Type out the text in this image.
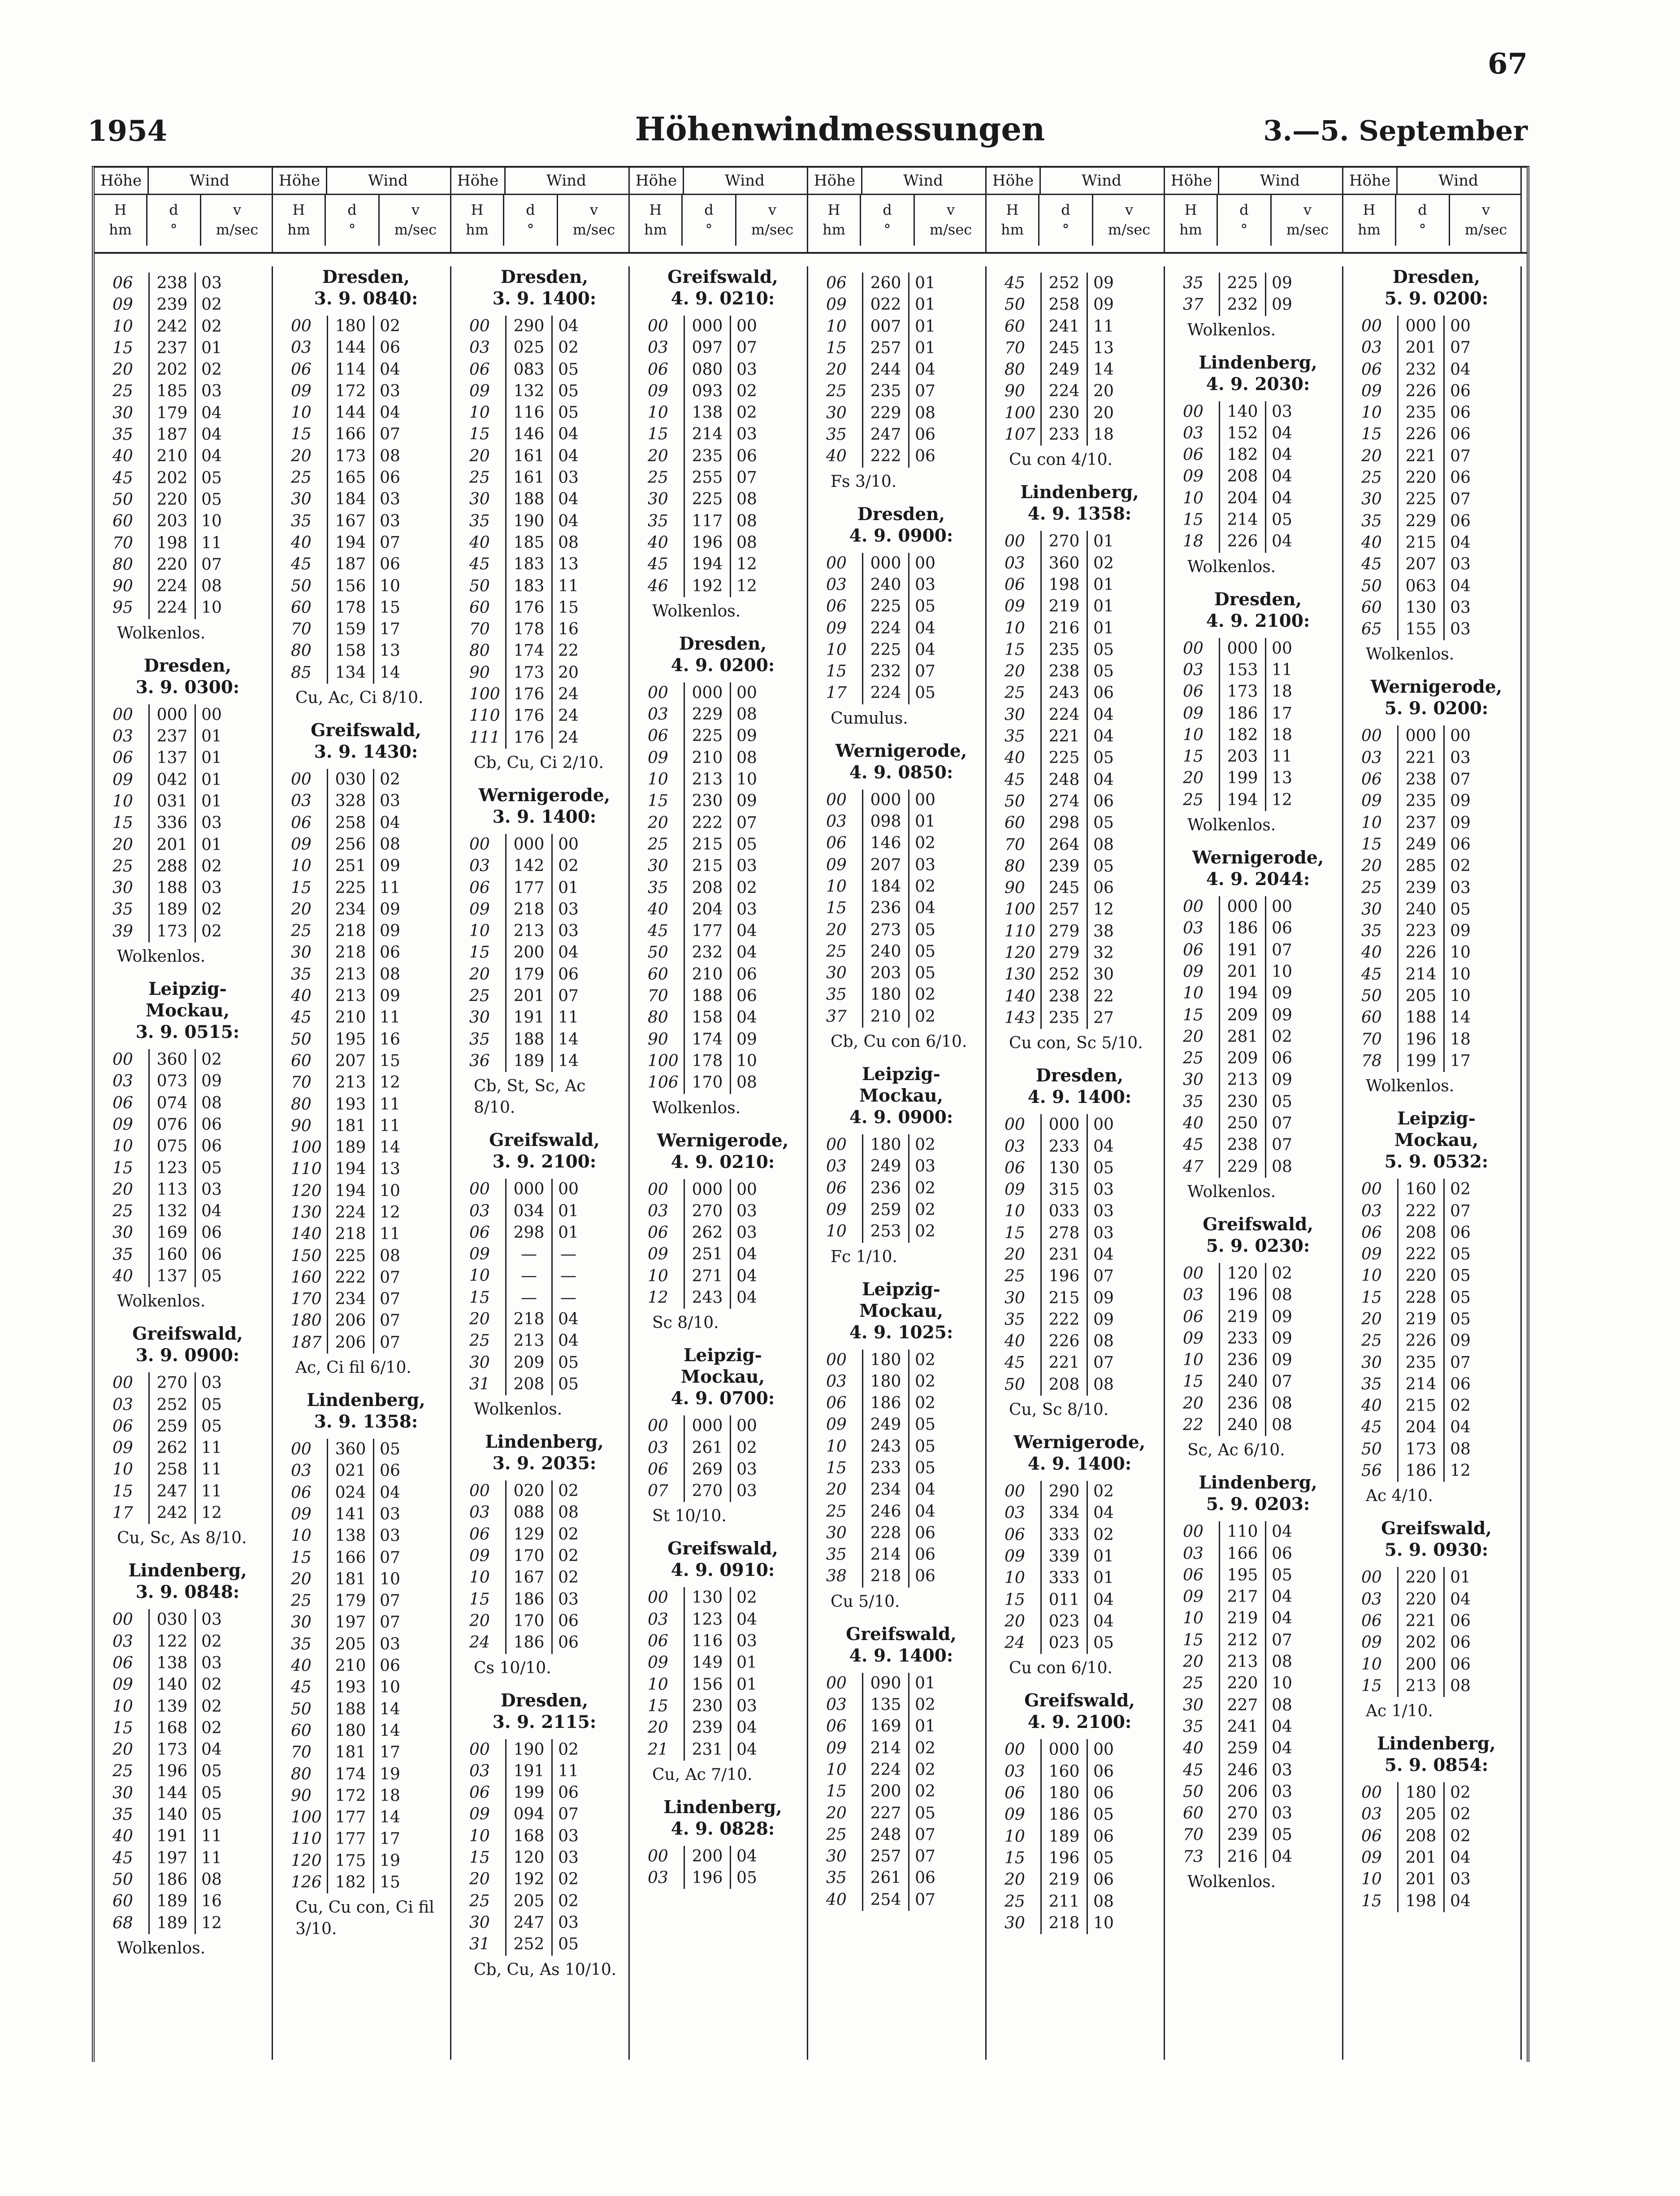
67
1954	Höhenwindmessungen	3.—5. September
Höhe	Wind
H
hm
d
°
v
m/sec
06	238 03
09	239 02
10	242 02
15	237 01
20	202 02
25	185 03
30	179 04
35	187 04
40	210 04
45	202 05
50	220 05
60	203 10
70	198 11
80	220 07
90	224 08
95	224 10
Wolkenlos.
Dresden,
3. 9. 0300:
00	000 00
03	237 01
06	137 01
09	042 01
10	031 01
15	336 03
20	201 01
25	288 02
30	188 03
35	189 02
39	173 02
Wolkenlos.
Leipzig-Mockau,
3. 9. 0515:
00	360 02
03	073 09
06	074 08
09	076 06
10	075 06
15	123 05
20	113 03
25	132 04
30	169 06
35	160 06
40	137 05
Wolkenlos.
Greifswald,
3. 9. 0900:
00	270 03
03	252 05
06	259 05
09	262 11
10	258 11
15	247 11
17	242 12
Cu, Sc, As 8/10.
Lindenberg,
3. 9. 0848:
00	030 03
03	122 02
06	138 03
09	140 02
10	139 02
15	168 02
20	173 04
25	196 05
30	144 05
35	140 05
40	191 11
45	197 11
50	186 08
60	189 16
68	189 12
Wolkenlos.
Höhe	Wind
H
hm
d
°
v
m/sec
Dresden,
3. 9. 0840:
00	180 02
03	144 06
06	114 04
09	172 03
10	144 04
15	166 07
20	173 08
25	165 06
30	184 03
35	167 03
40	194 07
45	187 06
50	156 10
60	178 15
70	159 17
80	158 13
85	134 14
Cu, Ac, Ci 8/10.
Greifswald,
3. 9. 1430:
00	030 02
03	328 03
06	258 04
09	256 08
10	251 09
15	225 11
20	234 09
25	218 09
30	218 06
35	213 08
40	213 09
45	210 11
50	195 16
60	207 15
70	213 12
80	193 11
90	181 11
100 189 14
110 194 13
120 194 10
130 224 12
140 218 11
150 225 08
160 222 07
170 234 07
180 206 07
187 206 07
Ac, Ci fil 6/10.
Lindenberg,
3. 9. 1358:
00	360 05
03	021 06
06	024 04
09	141 03
10	138 03
15	166 07
20	181 10
25	179 07
30	197 07
35	205 03
40	210 06
45	193 10
50	188 14
60	180 14
70	181 17
80	174 19
90	172 18
100 177 14
110 177 17
120 175 19
126 182 15
Cu, Cu con, Ci fil 3/10.
Höhe	Wind
H
hm
d
°
v
m/sec
Dresden,
3. 9. 1400:
00	290 04
03	025 02
06	083 05
09	132 05
10	116 05
15	146 04
20	161 04
25	161 03
30	188 04
35	190 04
40	185 08
45	183 13
50	183 11
60	176 15
70	178 16
80	174 22
90	173 20
100 176 24
110 176 24
111 176 24
Cb, Cu, Ci 2/10.
Wernigerode,
3. 9. 1400:
00	000 00
03	142 02
06	177 01
09	218 03
10	213 03
15	200 04
20	179 06
25	201 07
30	191 11
35	188 14
36	189 14
Cb, St, Sc, Ac 8/10.
Greifswald,
3. 9. 2100:
00	000 00
03	034 01
06	298 01
09	—	—
10	—	—
15	—	—
20	218 04
25	213 04
30	209 05
31	208 05
Wolkenlos.
Lindenberg,
3. 9. 2035:
00	020 02
03	088 08
06	129 02
09	170 02
10	167 02
15	186 03
20	170 06
24	186 06
Cs 10/10.
Dresden,
3. 9. 2115:
00	190 02
03	191 11
06	199 06
09	094 07
10	168 03
15	120 03
20	192 02
25	205 02
30	247 03
31	252 05
Cb, Cu, As 10/10.
Höhe	Wind
H
hm
d
°
v
m/sec
Greifswald,
4. 9. 0210:
00	000 00
03	097 07
06	080 03
09	093 02
10	138 02
15	214 03
20	235 06
25	255 07
30	225 08
35	117 08
40	196 08
45	194 12
46	192 12
Wolkenlos.
Dresden,
4. 9. 0200:
00	000 00
03	229 08
06	225 09
09	210 08
10	213 10
15	230 09
20	222 07
25	215 05
30	215 03
35	208 02
40	204 03
45	177 04
50	232 04
60	210 06
70	188 06
80	158 04
90	174 09
100 178 10
106 170 08
Wolkenlos.
Wernigerode,
4. 9. 0210:
00	000 00
03	270 03
06	262 03
09	251 04
10	271 04
12	243 04
Sc 8/10.
Leipzig-Mockau,
4. 9. 0700:
00	000 00
03	261 02
06	269 03
07	270 03
St 10/10.
Greifswald,
4. 9. 0910:
00	130 02
03	123 04
06	116 03
09	149 01
10	156 01
15	230 03
20	239 04
21	231 04
Cu, Ac 7/10.
Lindenberg,
4. 9. 0828:
00	200 04
03	196 05
Höhe	Wind
H
hm
d
°
v
m/sec
06	260 01
09	022 01
10	007 01
15	257 01
20	244 04
25	235 07
30	229 08
35	247 06
40	222 06
Fs 3/10.
Dresden,
4. 9. 0900:
00	000 00
03	240 03
06	225 05
09	224 04
10	225 04
15	232 07
17	224 05
Cumulus.
Wernigerode,
4. 9. 0850:
00	000 00
03	098 01
06	146 02
09	207 03
10	184 02
15	236 04
20	273 05
25	240 05
30	203 05
35	180 02
37	210 02
Cb, Cu con 6/10.
Leipzig-Mockau,
4. 9. 0900:
00	180 02
03	249 03
06	236 02
09	259 02
10	253 02
Fc 1/10.
Leipzig-Mockau,
4. 9. 1025:
00	180 02
03	180 02
06	186 02
09	249 05
10	243 05
15	233 05
20	234 04
25	246 04
30	228 06
35	214 06
38	218 06
Cu 5/10.
Greifswald,
4. 9. 1400:
00	090 01
03	135 02
06	169 01
09	214 02
10	224 02
15	200 02
20	227 05
25	248 07
30	257 07
35	261 06
40	254 07
Höhe	Wind
H
hm
d
°
v
m/sec
45	252 09
50	258 09
60	241 11
70	245 13
80	249 14
90	224 20
100 230 20
107 233 18
Cu con 4/10.
Lindenberg,
4. 9. 1358:
00	270 01
03	360 02
06	198 01
09	219 01
10	216 01
15	235 05
20	238 05
25	243 06
30	224 04
35	221 04
40	225 05
45	248 04
50	274 06
60	298 05
70	264 08
80	239 05
90	245 06
100 257 12
110 279 38
120 279 32
130 252 30
140 238 22
143 235 27
Cu con, Sc 5/10.
Dresden,
4. 9. 1400:
00	000 00
03	233 04
06	130 05
09	315 03
10	033 03
15	278 03
20	231 04
25	196 07
30	215 09
35	222 09
40	226 08
45	221 07
50	208 08
Cu, Sc 8/10.
Wernigerode,
4. 9. 1400:
00	290 02
03	334 04
06	333 02
09	339 01
10	333 01
15	011 04
20	023 04
24	023 05
Cu con 6/10.
Greifswald,
4. 9. 2100:
00	000 00
03	160 06
06	180 06
09	186 05
10	189 06
15	196 05
20	219 06
25	211 08
30	218 10
Höhe	Wind
H
hm
d
°
v
m/sec
35	225 09
37	232 09
Wolkenlos.
Lindenberg,
4. 9. 2030:
00	140 03
03	152 04
06	182 04
09	208 04
10	204 04
15	214 05
18	226 04
Wolkenlos.
Dresden,
4. 9. 2100:
00	000 00
03	153 11
06	173 18
09	186 17
10	182 18
15	203 11
20	199 13
25	194 12
Wolkenlos.
Wernigerode,
4. 9. 2044:
00	000 00
03	186 06
06	191 07
09	201 10
10	194 09
15	209 09
20	281 02
25	209 06
30	213 09
35	230 05
40	250 07
45	238 07
47	229 08
Wolkenlos.
Greifswald,
5. 9. 0230:
00	120 02
03	196 08
06	219 09
09	233 09
10	236 09
15	240 07
20	236 08
22	240 08
Sc, Ac 6/10.
Lindenberg,
5. 9. 0203:
00	110 04
03	166 06
06	195 05
09	217 04
10	219 04
15	212 07
20	213 08
25	220 10
30	227 08
35	241 04
40	259 04
45	246 03
50	206 03
60	270 03
70	239 05
73	216 04
Wolkenlos.
Höhe	Wind
H
hm
d
°
v
m/sec
Dresden,
5. 9. 0200:
00	000 00
03	201 07
06	232 04
09	226 06
10	235 06
15	226 06
20	221 07
25	220 06
30	225 07
35	229 06
40	215 04
45	207 03
50	063 04
60	130 03
65	155 03
Wolkenlos.
Wernigerode,
5. 9. 0200:
00	000 00
03	221 03
06	238 07
09	235 09
10	237 09
15	249 06
20	285 02
25	239 03
30	240 05
35	223 09
40	226 10
45	214 10
50	205 10
60	188 14
70	196 18
78	199 17
Wolkenlos.
Leipzig-Mockau,
5. 9. 0532:
00	160 02
03	222 07
06	208 06
09	222 05
10	220 05
15	228 05
20	219 05
25	226 09
30	235 07
35	214 06
40	215 02
45	204 04
50	173 08
56	186 12
Ac 4/10.
Greifswald,
5. 9. 0930:
00	220 01
03	220 04
06	221 06
09	202 06
10	200 06
15	213 08
Ac 1/10.
Lindenberg,
5. 9. 0854:
00	180 02
03	205 02
06	208 02
09	201 04
10	201 03
15	198 04
